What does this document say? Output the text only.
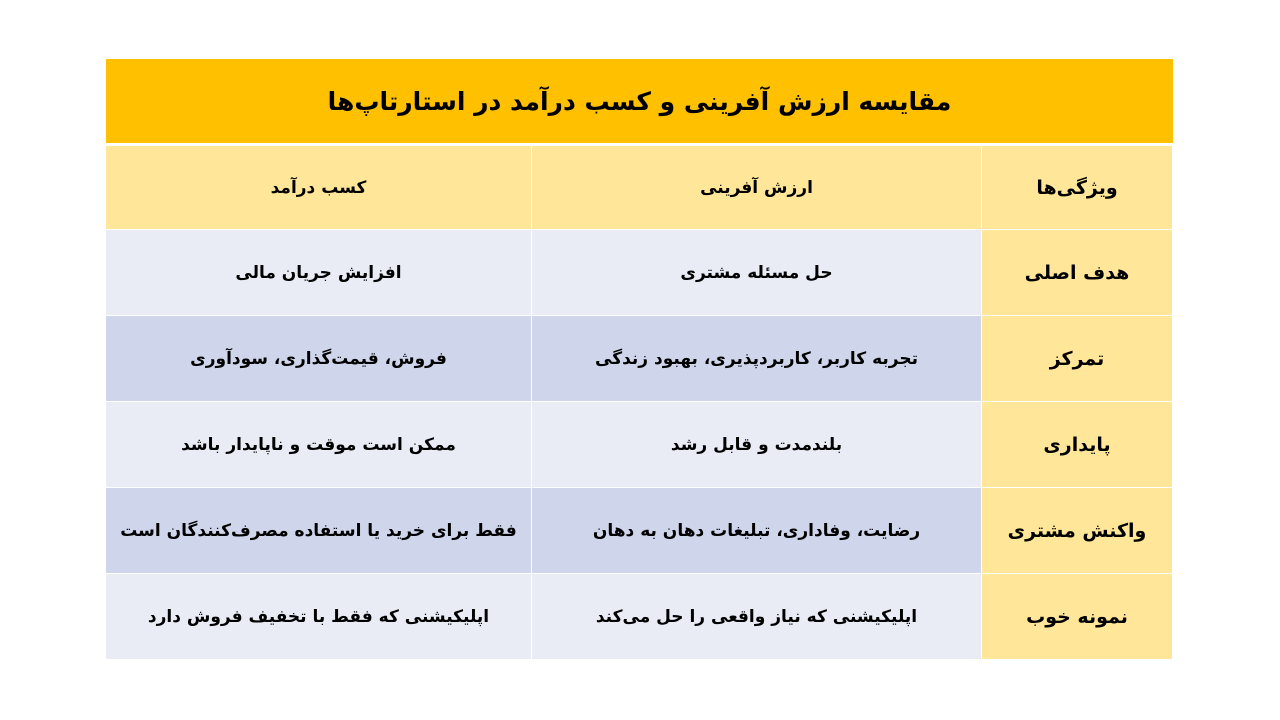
مقایسه ارزش آفرینی و کسب درآمد در استارتاپ‌ها
ویژگی‌ها	ارزش آفرینی	کسب درآمد
هدف اصلی	حل مسئله مشتری	افزایش جریان مالی
تمرکز	تجربه کاربر، کاربردپذیری، بهبود زندگی	فروش، قیمت‌گذاری، سودآوری
پایداری	بلندمدت و قابل رشد	ممکن است موقت و ناپایدار باشد
واکنش مشتری	رضایت، وفاداری، تبلیغات دهان به دهان	فقط برای خرید یا استفاده مصرف‌کنندگان است
نمونه خوب	اپلیکیشنی که نیاز واقعی را حل می‌کند	اپلیکیشنی که فقط با تخفیف فروش دارد
